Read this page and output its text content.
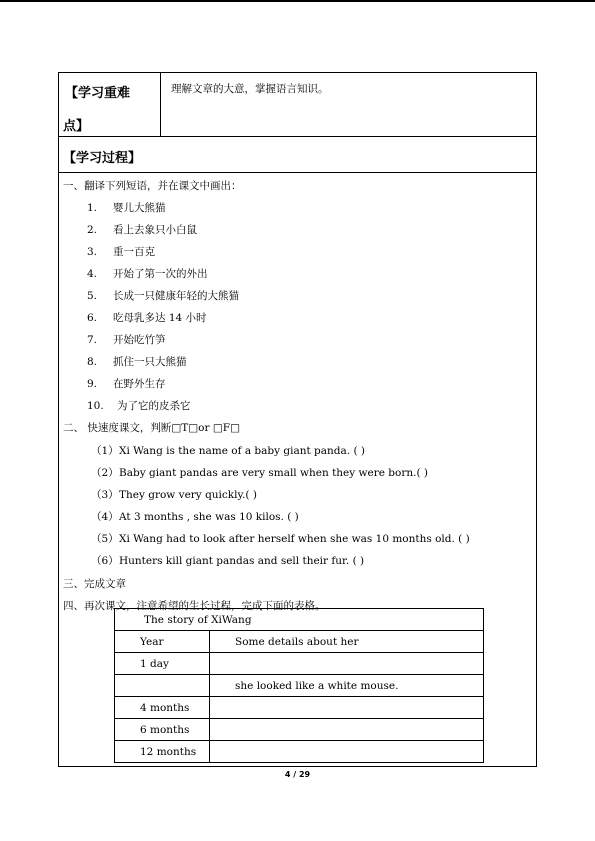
【学习重难
点】
理解文章的大意，掌握语言知识。
【学习过程】
一、翻译下列短语，并在课文中画出：
1. 婴儿大熊猫
2. 看上去象只小白鼠
3. 重一百克
4. 开始了第一次的外出
5. 长成一只健康年轻的大熊猫
6. 吃母乳多达 14 小时
7. 开始吃竹笋
8. 抓住一只大熊猫
9. 在野外生存
10. 为了它的皮杀它
二、 快速度课文，判断□T□or □F□
（1）Xi Wang is the name of a baby giant panda. ( )
（2）Baby giant pandas are very small when they were born.( )
（3）They grow very quickly.( )
（4）At 3 months , she was 10 kilos. ( )
（5）Xi Wang had to look after herself when she was 10 months old. ( )
（6）Hunters kill giant pandas and sell their fur. ( )
三、完成文章
四、再次课文，注意希望的生长过程，完成下面的表格。
The story of XiWang	
Year	Some details about her
1 day	
	she looked like a white mouse.
4 months	
6 months	
12 months	
4 / 29
